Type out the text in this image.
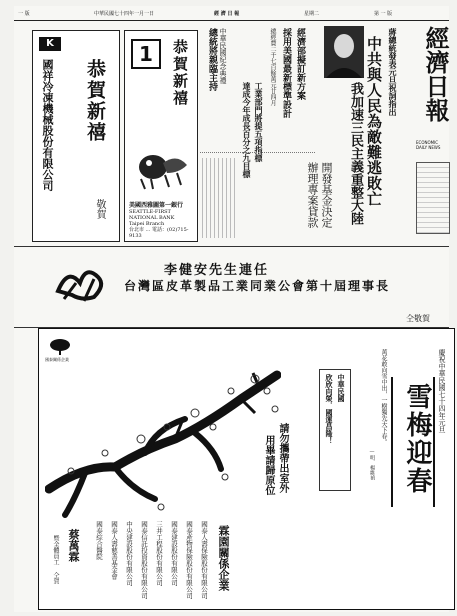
一 版	中華民國七十四年一月一日	經 濟 日 報	星期二	第 一 版
K
恭賀新禧
國祥冷凍機械股份有限公司
敬賀
1	恭賀新禧
美國西雅圖第一銀行
SEATTLE-FIRST NATIONAL BANK
Taipei Branch
台北市 ... 電話：(02)715-9133
蔣總統發表元旦祝詞指出
中共與人民為敵難逃敗亡
我加速三民主義重整大陸
開發基金決定
辦理專案貸款
經濟部擬訂新方案
採用美國最新標準設計
總經費二千七百餘萬元廿四月
工業部門將提五項指標
達成今年成長百分之九目標
中華民國紀念典禮
總統將親臨主持	經濟日報
ECONOMIC DAILY NEWS
李健安先生連任
台灣區皮革製品工業同業公會第十屆理事長
仝敬賀
國泰關係企業
請勿攜帶出室外
用畢請歸原位
中華民國
欣欣向榮．國運昌隆！	萬花敢向雪中出，一樹獨先天下春。
—明．楊維禎 雪梅迎春 慶祝中華民國七十四年元旦
霖園關係企業
國泰人壽保險股份有限公司
國泰產物保險股份有限公司
國泰建設股份有限公司
三井工程股份有限公司
國泰信託投資股份有限公司
中央建設股份有限公司
國泰人壽慈善基金會
國泰綜合醫院
蔡萬霖
暨全體員工 仝賀
